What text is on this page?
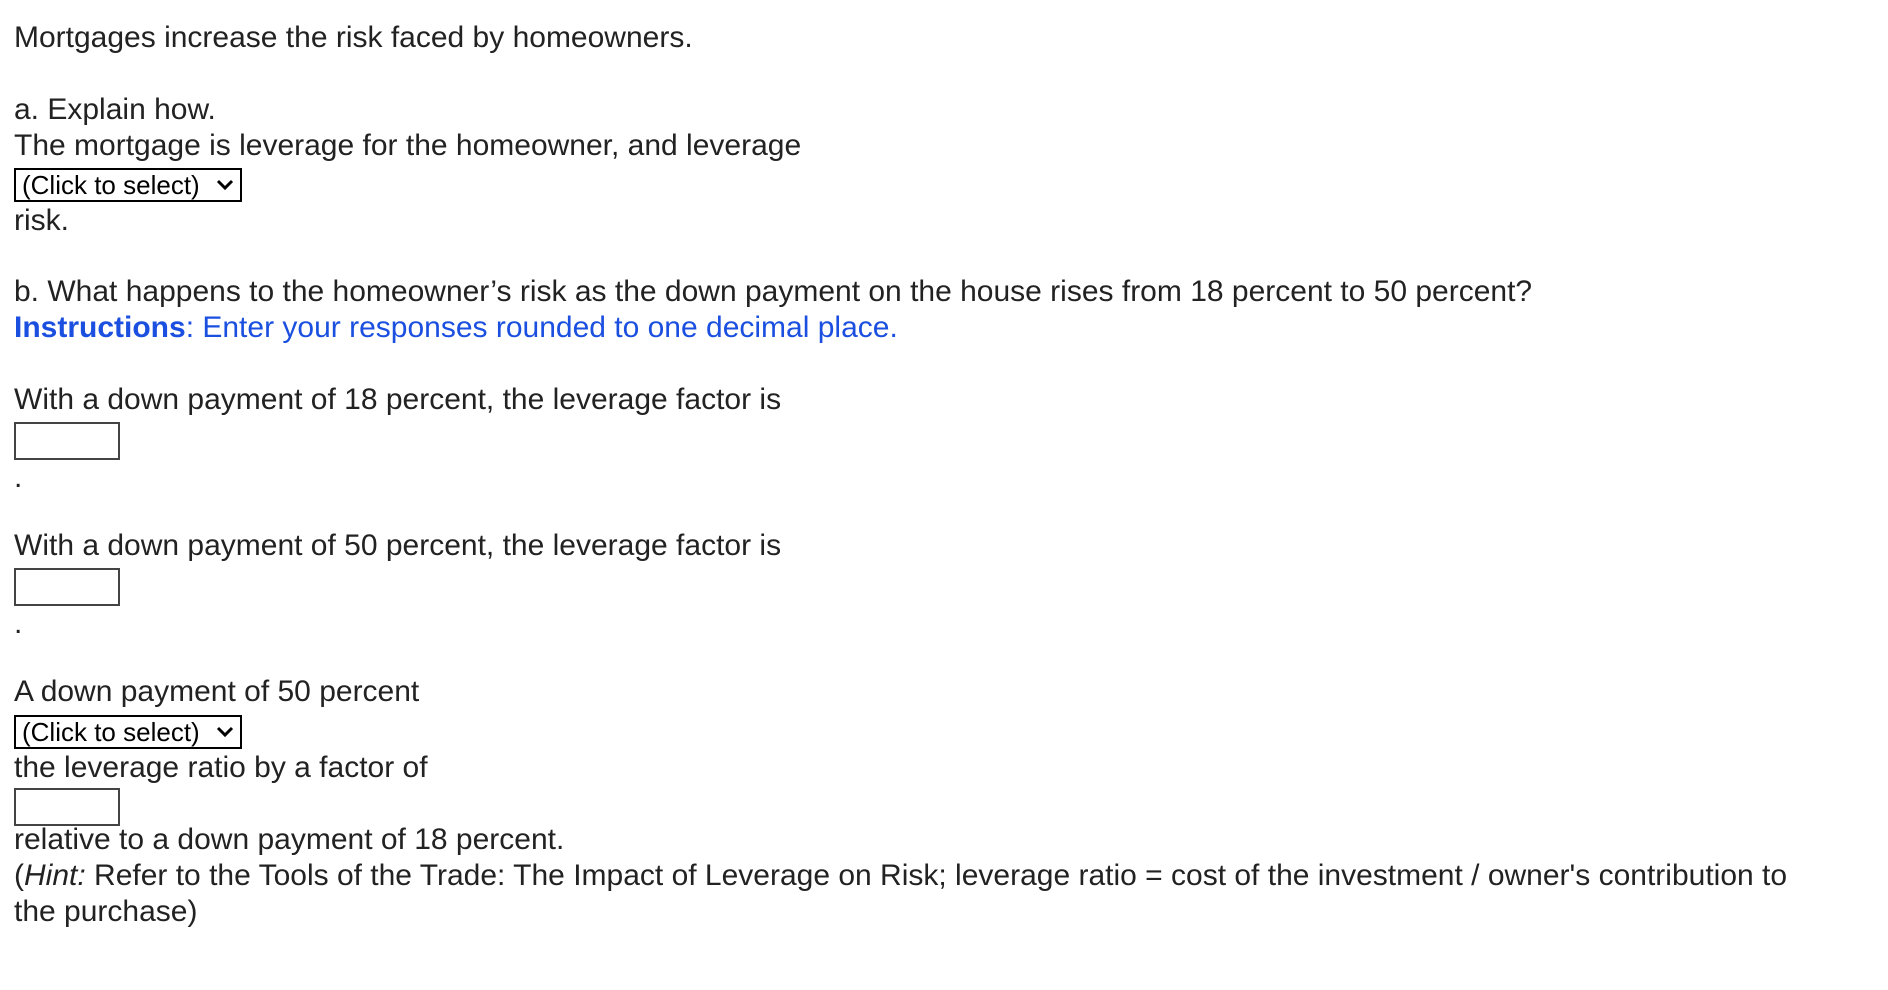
Mortgages increase the risk faced by homeowners.
a. Explain how.
The mortgage is leverage for the homeowner, and leverage
(Click to select)
risk.
b. What happens to the homeowner’s risk as the down payment on the house rises from 18 percent to 50 percent?
Instructions: Enter your responses rounded to one decimal place.
With a down payment of 18 percent, the leverage factor is
.
With a down payment of 50 percent, the leverage factor is
.
A down payment of 50 percent
(Click to select)
the leverage ratio by a factor of
relative to a down payment of 18 percent.
(Hint: Refer to the Tools of the Trade: The Impact of Leverage on Risk; leverage ratio = cost of the investment / owner's contribution to
the purchase)
